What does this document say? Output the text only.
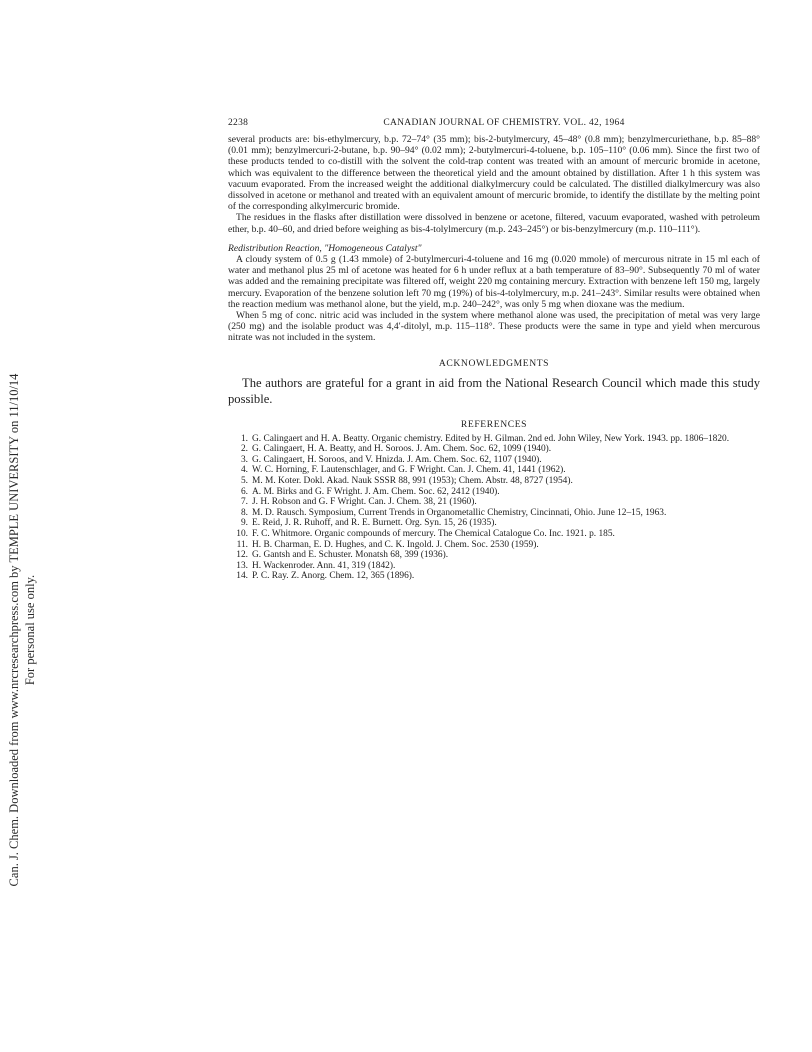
Can. J. Chem. Downloaded from www.nrcresearchpress.com by TEMPLE UNIVERSITY on 11/10/14 For personal use only.
2238	CANADIAN JOURNAL OF CHEMISTRY. VOL. 42, 1964

several products are: bis-ethylmercury, b.p. 72–74° (35 mm); bis-2-butylmercury, 45–48° (0.8 mm); benzylmercuriethane, b.p. 85–88° (0.01 mm); benzylmercuri-2-butane, b.p. 90–94° (0.02 mm); 2-butylmercuri-4-toluene, b.p. 105–110° (0.06 mm). Since the first two of these products tended to co-distill with the solvent the cold-trap content was treated with an amount of mercuric bromide in acetone, which was equivalent to the difference between the theoretical yield and the amount obtained by distillation. After 1 h this system was vacuum evaporated. From the increased weight the additional dialkylmercury could be calculated. The distilled dialkylmercury was also dissolved in acetone or methanol and treated with an equivalent amount of mercuric bromide, to identify the distillate by the melting point of the corresponding alkylmercuric bromide.

The residues in the flasks after distillation were dissolved in benzene or acetone, filtered, vacuum evaporated, washed with petroleum ether, b.p. 40–60, and dried before weighing as bis-4-tolylmercury (m.p. 243–245°) or bis-benzylmercury (m.p. 110–111°).

Redistribution Reaction, "Homogeneous Catalyst"

A cloudy system of 0.5 g (1.43 mmole) of 2-butylmercuri-4-toluene and 16 mg (0.020 mmole) of mercurous nitrate in 15 ml each of water and methanol plus 25 ml of acetone was heated for 6 h under reflux at a bath temperature of 83–90°. Subsequently 70 ml of water was added and the remaining precipitate was filtered off, weight 220 mg containing mercury. Extraction with benzene left 150 mg, largely mercury. Evaporation of the benzene solution left 70 mg (19%) of bis-4-tolylmercury, m.p. 241–243°. Similar results were obtained when the reaction medium was methanol alone, but the yield, m.p. 240–242°, was only 5 mg when dioxane was the medium.

When 5 mg of conc. nitric acid was included in the system where methanol alone was used, the precipitation of metal was very large (250 mg) and the isolable product was 4,4′-ditolyl, m.p. 115–118°. These products were the same in type and yield when mercurous nitrate was not included in the system.

ACKNOWLEDGMENTS

The authors are grateful for a grant in aid from the National Research Council which made this study possible.

REFERENCES
1. G. Calingaert and H. A. Beatty. Organic chemistry. Edited by H. Gilman. 2nd ed. John Wiley, New York. 1943. pp. 1806–1820.
2. G. Calingaert, H. A. Beatty, and H. Soroos. J. Am. Chem. Soc. 62, 1099 (1940).
3. G. Calingaert, H. Soroos, and V. Hnizda. J. Am. Chem. Soc. 62, 1107 (1940).
4. W. C. Horning, F. Lautenschlager, and G. F Wright. Can. J. Chem. 41, 1441 (1962).
5. M. M. Koter. Dokl. Akad. Nauk SSSR 88, 991 (1953); Chem. Abstr. 48, 8727 (1954).
6. A. M. Birks and G. F Wright. J. Am. Chem. Soc. 62, 2412 (1940).
7. J. H. Robson and G. F Wright. Can. J. Chem. 38, 21 (1960).
8. M. D. Rausch. Symposium, Current Trends in Organometallic Chemistry, Cincinnati, Ohio. June 12–15, 1963.
9. E. Reid, J. R. Ruhoff, and R. E. Burnett. Org. Syn. 15, 26 (1935).
10. F. C. Whitmore. Organic compounds of mercury. The Chemical Catalogue Co. Inc. 1921. p. 185.
11. H. B. Charman, E. D. Hughes, and C. K. Ingold. J. Chem. Soc. 2530 (1959).
12. G. Gantsh and E. Schuster. Monatsh 68, 399 (1936).
13. H. Wackenroder. Ann. 41, 319 (1842).
14. P. C. Ray. Z. Anorg. Chem. 12, 365 (1896).
